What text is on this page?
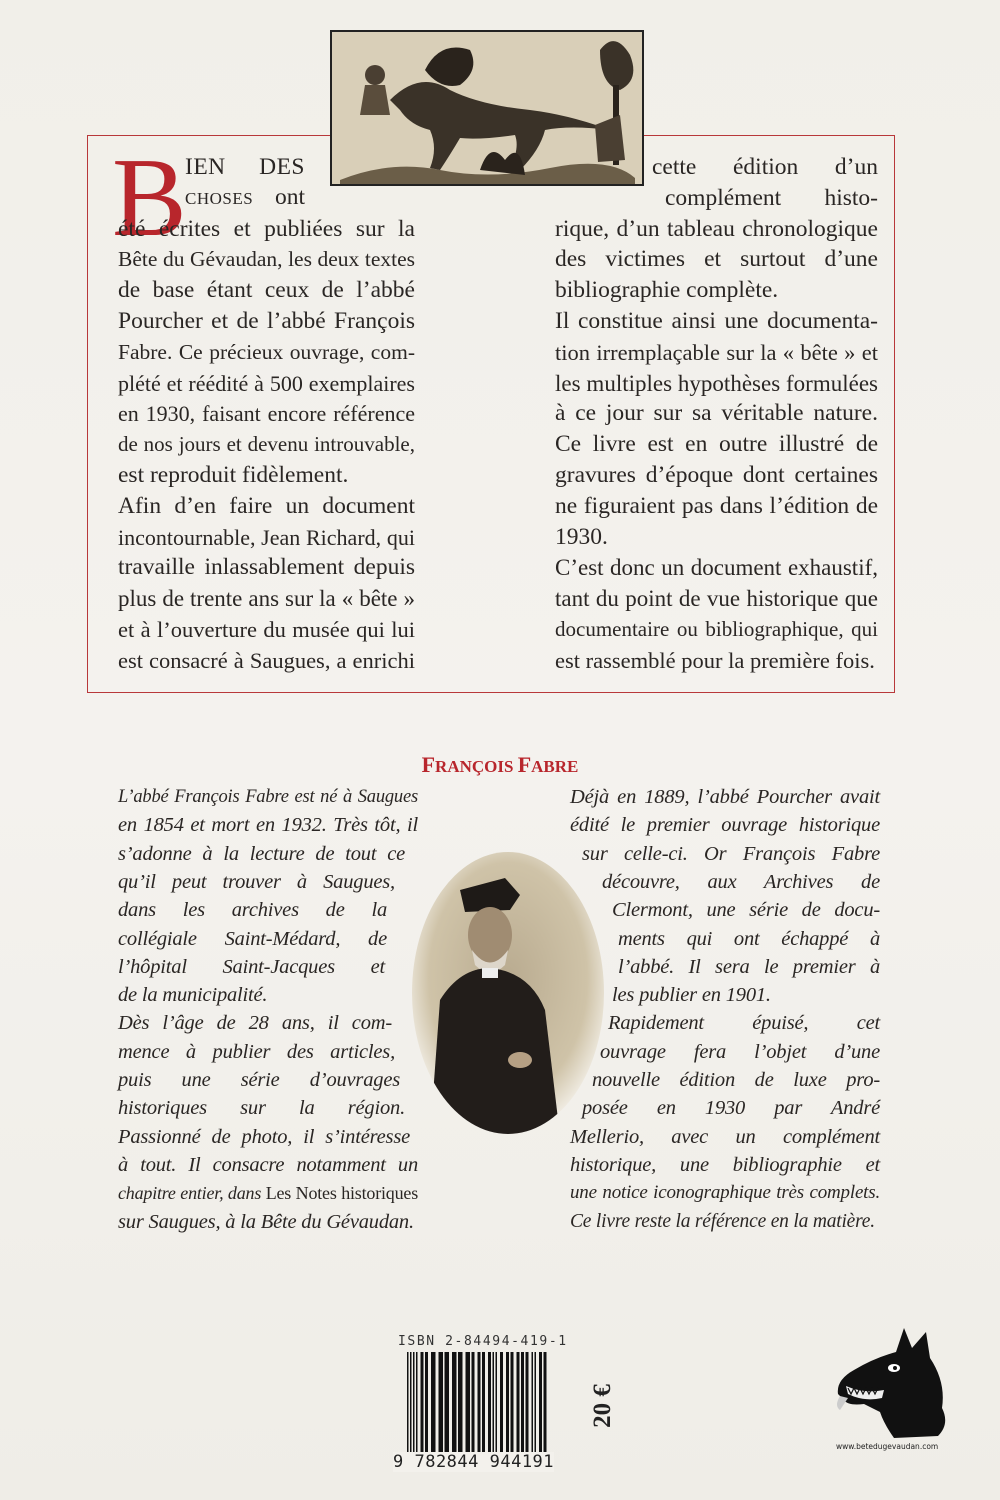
B
IEN DES
CHOSES ont
été écrites et publiées sur la
Bête du Gévaudan, les deux textes
de base étant ceux de l’abbé
Pourcher et de l’abbé François
Fabre. Ce précieux ouvrage, com-
plété et réédité à 500 exemplaires
en 1930, faisant encore référence
de nos jours et devenu introuvable,
est reproduit fidèlement.
Afin d’en faire un document
incontournable, Jean Richard, qui
travaille inlassablement depuis
plus de trente ans sur la « bête »
et à l’ouverture du musée qui lui
est consacré à Saugues, a enrichi
cette édition d’un
complément histo-
rique, d’un tableau chronologique
des victimes et surtout d’une
bibliographie complète.
Il constitue ainsi une documenta-
tion irremplaçable sur la « bête » et
les multiples hypothèses formulées
à ce jour sur sa véritable nature.
Ce livre est en outre illustré de
gravures d’époque dont certaines
ne figuraient pas dans l’édition de
1930.
C’est donc un document exhaustif,
tant du point de vue historique que
documentaire ou bibliographique, qui
est rassemblé pour la première fois.
FRANÇOIS FABRE
L’abbé François Fabre est né à Saugues
en 1854 et mort en 1932. Très tôt, il
s’adonne à la lecture de tout ce
qu’il peut trouver à Saugues,
dans les archives de la
collégiale Saint-Médard, de
l’hôpital Saint-Jacques et
de la municipalité.
Dès l’âge de 28 ans, il com-
mence à publier des articles,
puis une série d’ouvrages
historiques sur la région.
Passionné de photo, il s’intéresse
à tout. Il consacre notamment un
chapitre entier, dans Les Notes historiques
sur Saugues, à la Bête du Gévaudan.
Déjà en 1889, l’abbé Pourcher avait
édité le premier ouvrage historique
sur celle-ci. Or François Fabre
découvre, aux Archives de
Clermont, une série de docu-
ments qui ont échappé à
l’abbé. Il sera le premier à
les publier en 1901.
Rapidement épuisé, cet
ouvrage fera l’objet d’une
nouvelle édition de luxe pro-
posée en 1930 par André
Mellerio, avec un complément
historique, une bibliographie et
une notice iconographique très complets.
Ce livre reste la référence en la matière.
ISBN 2-84494-419-1
9 782844 944191
20 €
www.betedugevaudan.com
